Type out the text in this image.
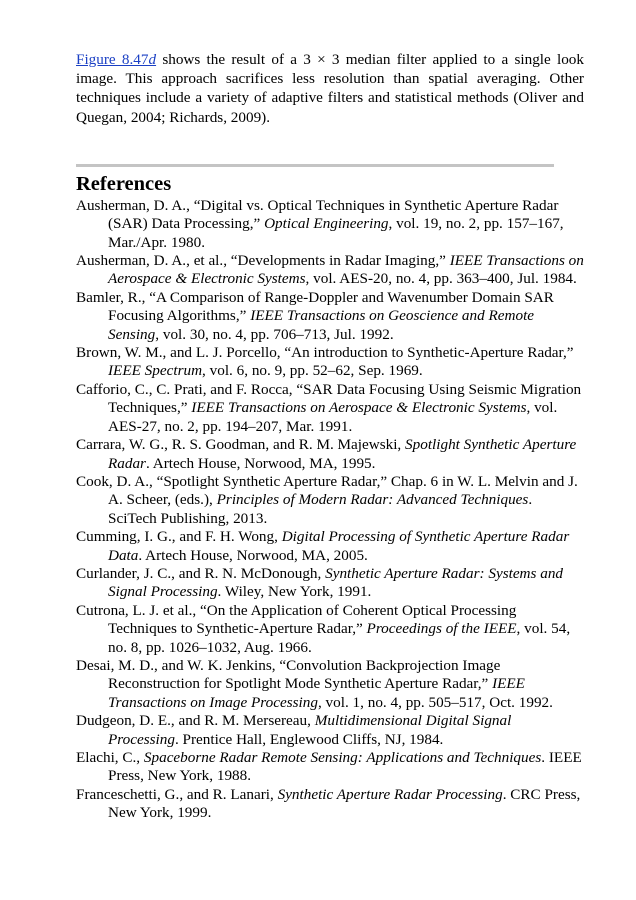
Figure 8.47d shows the result of a 3 × 3 median filter applied to a single look image. This approach sacrifices less resolution than spatial averaging. Other techniques include a variety of adaptive filters and statistical methods (Oliver and Quegan, 2004; Richards, 2009).

References
Ausherman, D. A., “Digital vs. Optical Techniques in Synthetic Aperture Radar (SAR) Data Processing,” Optical Engineering, vol. 19, no. 2, pp. 157–167, Mar./Apr. 1980.
Ausherman, D. A., et al., “Developments in Radar Imaging,” IEEE Transactions on Aerospace & Electronic Systems, vol. AES-20, no. 4, pp. 363–400, Jul. 1984.
Bamler, R., “A Comparison of Range-Doppler and Wavenumber Domain SAR Focusing Algorithms,” IEEE Transactions on Geoscience and Remote Sensing, vol. 30, no. 4, pp. 706–713, Jul. 1992.
Brown, W. M., and L. J. Porcello, “An introduction to Synthetic-Aperture Radar,” IEEE Spectrum, vol. 6, no. 9, pp. 52–62, Sep. 1969.
Cafforio, C., C. Prati, and F. Rocca, “SAR Data Focusing Using Seismic Migration Techniques,” IEEE Transactions on Aerospace & Electronic Systems, vol. AES-27, no. 2, pp. 194–207, Mar. 1991.
Carrara, W. G., R. S. Goodman, and R. M. Majewski, Spotlight Synthetic Aperture Radar. Artech House, Norwood, MA, 1995.
Cook, D. A., “Spotlight Synthetic Aperture Radar,” Chap. 6 in W. L. Melvin and J. A. Scheer, (eds.), Principles of Modern Radar: Advanced Techniques. SciTech Publishing, 2013.
Cumming, I. G., and F. H. Wong, Digital Processing of Synthetic Aperture Radar Data. Artech House, Norwood, MA, 2005.
Curlander, J. C., and R. N. McDonough, Synthetic Aperture Radar: Systems and Signal Processing. Wiley, New York, 1991.
Cutrona, L. J. et al., “On the Application of Coherent Optical Processing Techniques to Synthetic-Aperture Radar,” Proceedings of the IEEE, vol. 54, no. 8, pp. 1026–1032, Aug. 1966.
Desai, M. D., and W. K. Jenkins, “Convolution Backprojection Image Reconstruction for Spotlight Mode Synthetic Aperture Radar,” IEEE Transactions on Image Processing, vol. 1, no. 4, pp. 505–517, Oct. 1992.
Dudgeon, D. E., and R. M. Mersereau, Multidimensional Digital Signal Processing. Prentice Hall, Englewood Cliffs, NJ, 1984.
Elachi, C., Spaceborne Radar Remote Sensing: Applications and Techniques. IEEE Press, New York, 1988.
Franceschetti, G., and R. Lanari, Synthetic Aperture Radar Processing. CRC Press, New York, 1999.
